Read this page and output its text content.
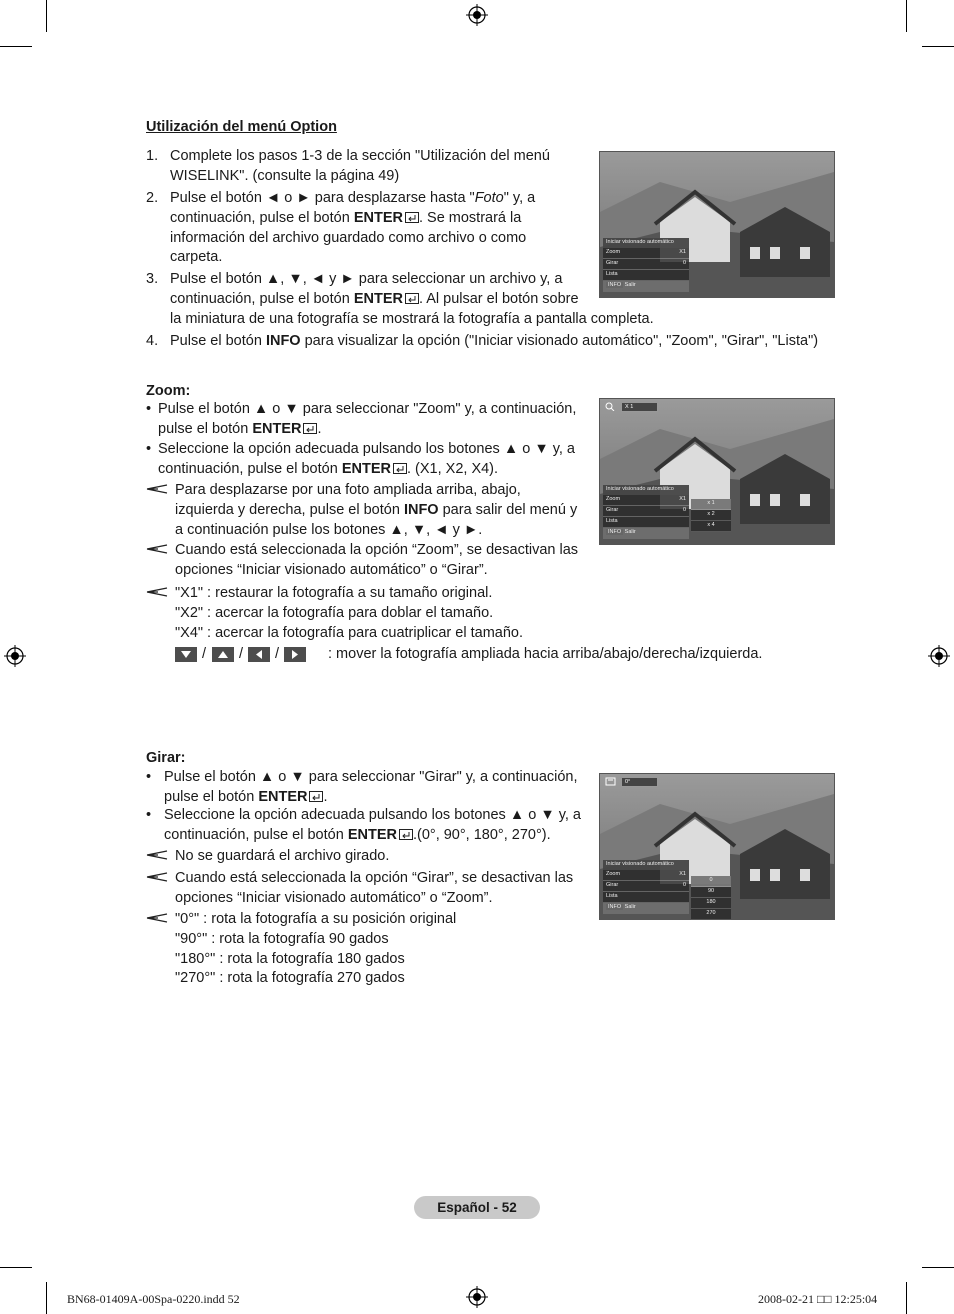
Utilización del menú Option
1. Complete los pasos 1-3 de la sección "Utilización del menú

WISELINK". (consulte la página 49)

2. Pulse el botón ◄ o ► para desplazarse hasta "Foto" y, a

continuación, pulse el botón ENTER . Se mostrará la

información del archivo guardado como archivo o como

carpeta.

3. Pulse el botón ▲, ▼, ◄ y ► para seleccionar un archivo y, a

continuación, pulse el botón ENTER . Al pulsar el botón sobre

la miniatura de una fotografía se mostrará la fotografía a pantalla completa.

4. Pulse el botón INFO para visualizar la opción ("Iniciar visionado automático", "Zoom", "Girar", "Lista")

Iniciar visionado automático
Zoom	X1
Girar	0
Lista
INFO Salir
Zoom:
• Pulse el botón ▲ o ▼ para seleccionar "Zoom" y, a continuación,
pulse el botón ENTER .
• Seleccione la opción adecuada pulsando los botones ▲ o ▼ y, a
continuación, pulse el botón ENTER . (X1, X2, X4).
Para desplazarse por una foto ampliada arriba, abajo,
izquierda y derecha, pulse el botón INFO para salir del menú y
a continuación pulse los botones ▲, ▼, ◄ y ►.
Cuando está seleccionada la opción “Zoom”, se desactivan las
opciones “Iniciar visionado automático” o “Girar”.
"X1" : restaurar la fotografía a su tamaño original.
"X2" : acercar la fotografía para doblar el tamaño.
"X4" : acercar la fotografía para cuatriplicar el tamaño.
/ / /	: mover la fotografía ampliada hacia arriba/abajo/derecha/izquierda.
X 1
Iniciar visionado automático
Zoom	X1
Girar	0
Lista
INFO Salir
x 1
x 2
x 4
Girar:
• Pulse el botón ▲ o ▼ para seleccionar "Girar" y, a continuación,
pulse el botón ENTER .
• Seleccione la opción adecuada pulsando los botones ▲ o ▼ y, a
continuación, pulse el botón ENTER .(0°, 90°, 180°, 270°).
No se guardará el archivo girado.
Cuando está seleccionada la opción “Girar”, se desactivan las
opciones “Iniciar visionado automático” o “Zoom”.
"0°" : rota la fotografía a su posición original
"90°" : rota la fotografía 90 gados
"180°" : rota la fotografía 180 gados
"270°" : rota la fotografía 270 gados
0°
Iniciar visionado automático
Zoom	X1
Girar	0
Lista
INFO Salir
0
90
180
270
Español - 52
BN68-01409A-00Spa-0220.indd 52	2008-02-21 □□ 12:25:04
